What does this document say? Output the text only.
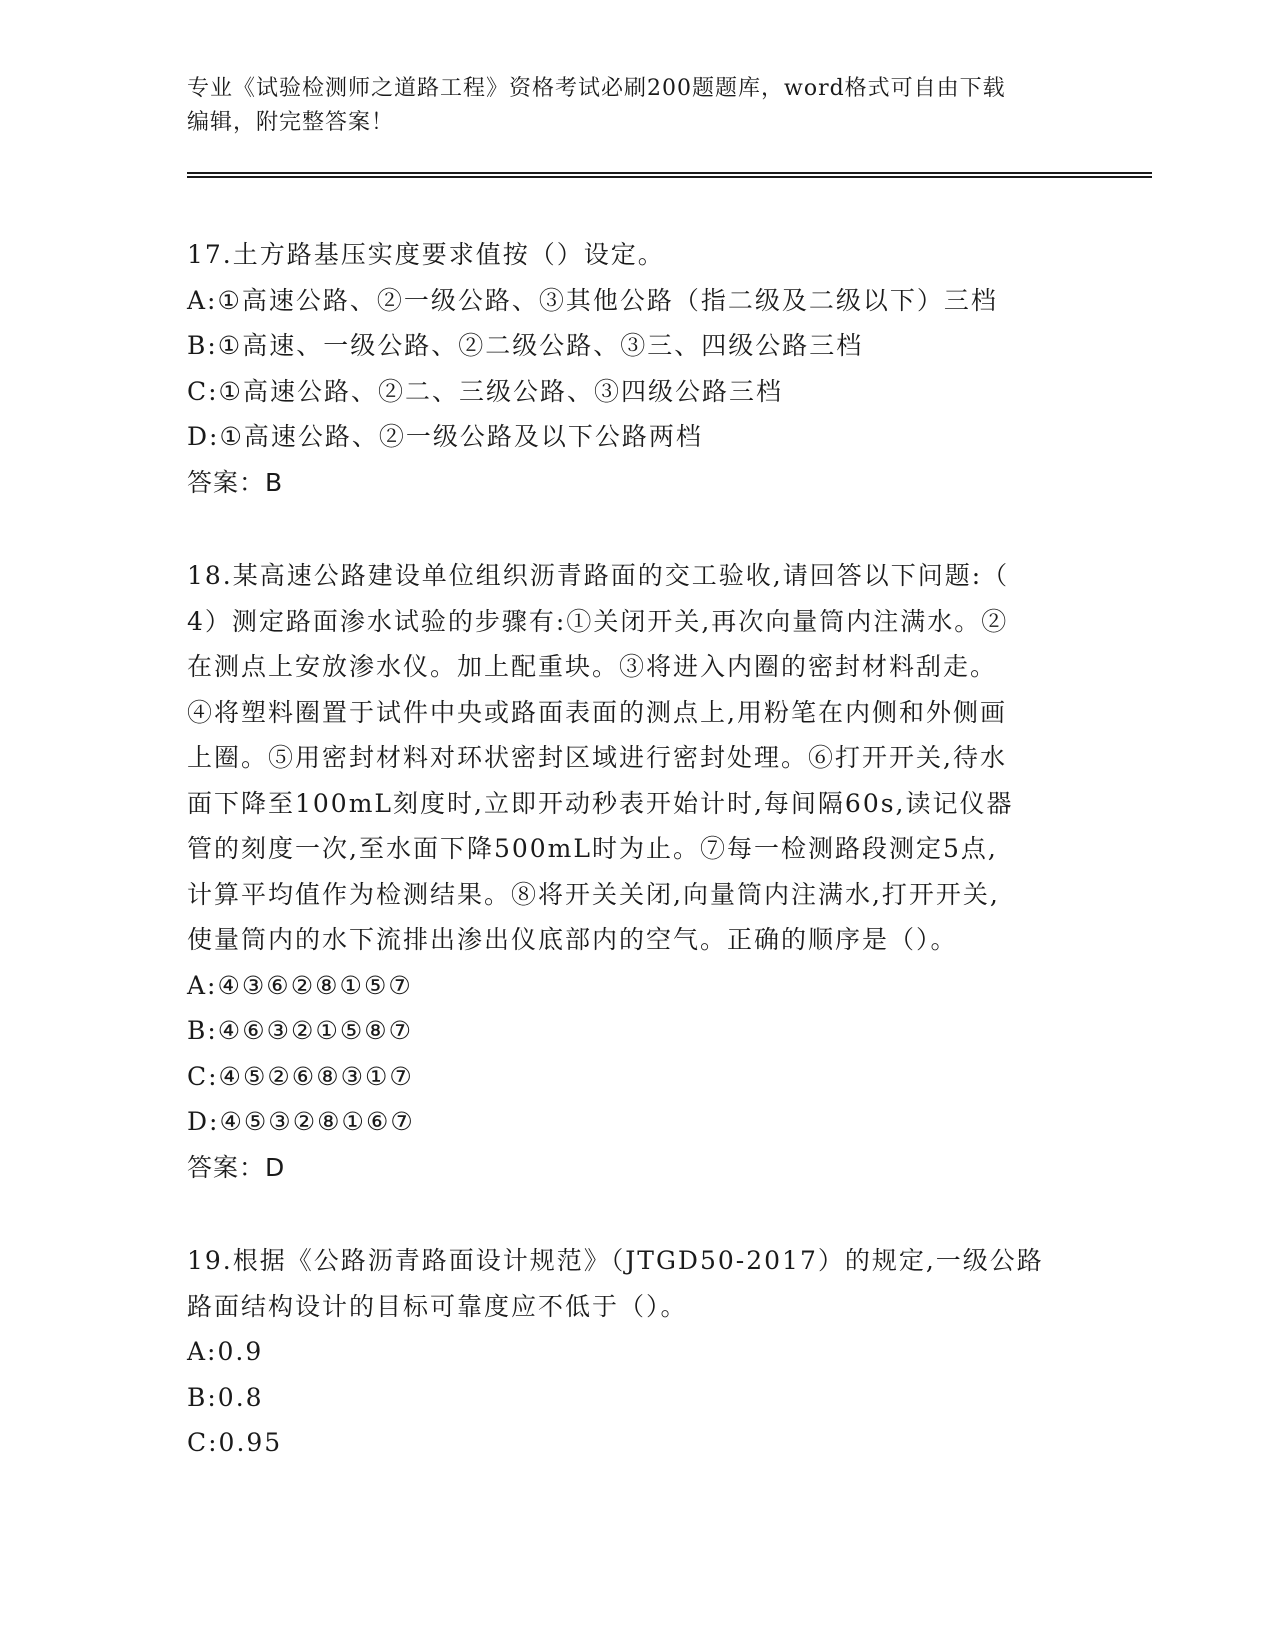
专业《试验检测师之道路工程》资格考试必刷200题题库，word格式可自由下载
编辑，附完整答案！
17.土方路基压实度要求值按（）设定。
A:①高速公路、②一级公路、③其他公路（指二级及二级以下）三档
B:①高速、一级公路、②二级公路、③三、四级公路三档
C:①高速公路、②二、三级公路、③四级公路三档
D:①高速公路、②一级公路及以下公路两档
答案：B
18.某高速公路建设单位组织沥青路面的交工验收,请回答以下问题:（
4）测定路面渗水试验的步骤有:①关闭开关,再次向量筒内注满水。②
在测点上安放渗水仪。加上配重块。③将进入内圈的密封材料刮走。
④将塑料圈置于试件中央或路面表面的测点上,用粉笔在内侧和外侧画
上圈。⑤用密封材料对环状密封区域进行密封处理。⑥打开开关,待水
面下降至100mL刻度时,立即开动秒表开始计时,每间隔60s,读记仪器
管的刻度一次,至水面下降500mL时为止。⑦每一检测路段测定5点,
计算平均值作为检测结果。⑧将开关关闭,向量筒内注满水,打开开关,
使量筒内的水下流排出渗出仪底部内的空气。正确的顺序是（）。
A:④③⑥②⑧①⑤⑦
B:④⑥③②①⑤⑧⑦
C:④⑤②⑥⑧③①⑦
D:④⑤③②⑧①⑥⑦
答案：D
19.根据《公路沥青路面设计规范》（JTGD50-2017）的规定,一级公路
路面结构设计的目标可靠度应不低于（）。
A:0.9
B:0.8
C:0.95
